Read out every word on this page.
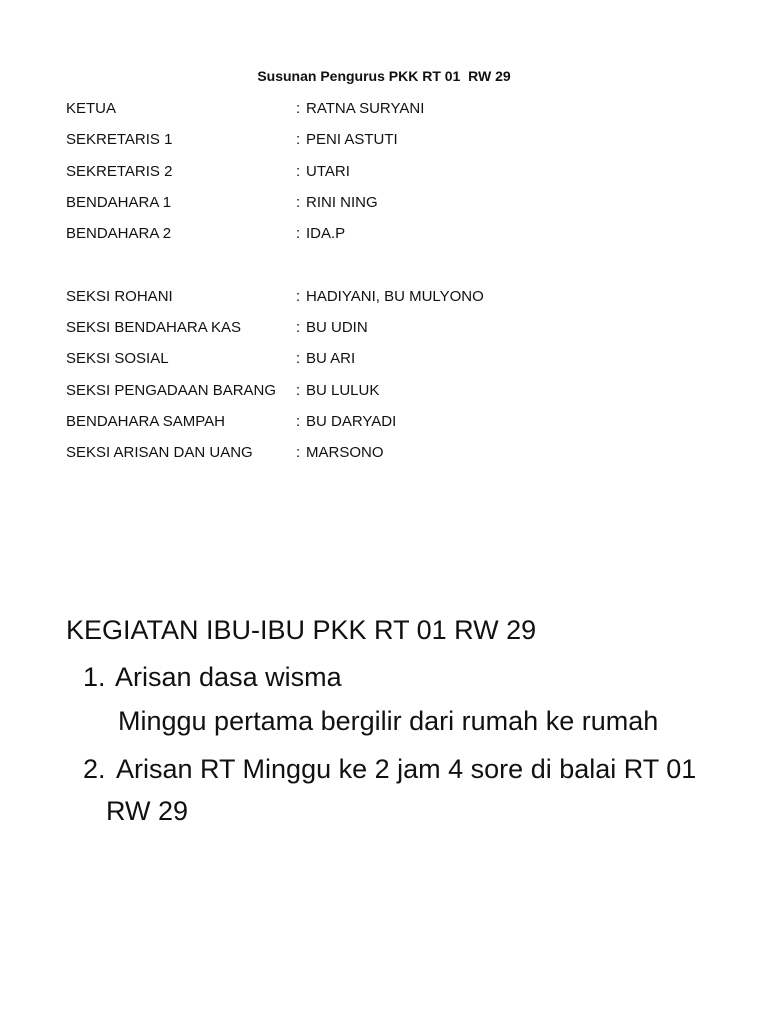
Susunan Pengurus PKK RT 01  RW 29
KETUA	: RATNA SURYANI
SEKRETARIS 1	: PENI ASTUTI
SEKRETARIS 2	: UTARI
BENDAHARA 1	: RINI NING
BENDAHARA 2	: IDA.P
SEKSI ROHANI	: HADIYANI, BU MULYONO
SEKSI BENDAHARA KAS	: BU UDIN
SEKSI SOSIAL	: BU ARI
SEKSI PENGADAAN BARANG	: BU LULUK
BENDAHARA SAMPAH	: BU DARYADI
SEKSI ARISAN DAN UANG	: MARSONO
KEGIATAN IBU-IBU PKK RT 01 RW 29
1. Arisan dasa wisma
Minggu pertama bergilir dari rumah ke rumah
2. Arisan RT Minggu ke 2 jam 4 sore di balai RT 01 RW 29
